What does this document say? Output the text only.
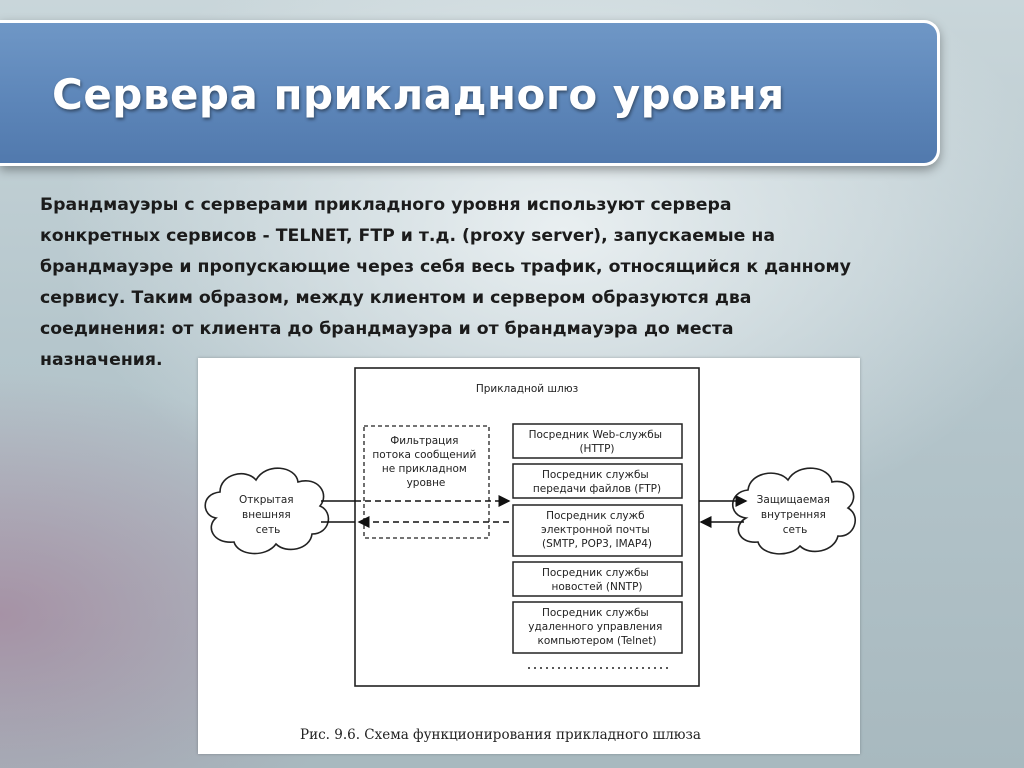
Сервера прикладного уровня
Брандмауэры с серверами прикладного уровня используют сервера
конкретных сервисов - TELNET, FTP и т.д. (proxy server), запускаемые на
брандмауэре и пропускающие через себя весь трафик, относящийся к данному
сервису. Таким образом, между клиентом и сервером образуются два
соединения: от клиента до брандмауэра и от брандмауэра до места
назначения.
Прикладной шлюз
Фильтрация потока сообщений не прикладном уровне
Посредник Web-службы (HTTP)
Посредник службы передачи файлов (FTP)
Посредник служб электронной почты (SMTP, POP3, IMAP4)
Посредник службы новостей (NNTP)
Посредник службы удаленного управления компьютером (Telnet)
Открытая внешняя сеть
Защищаемая внутренняя сеть
Рис. 9.6. Схема функционирования прикладного шлюза
